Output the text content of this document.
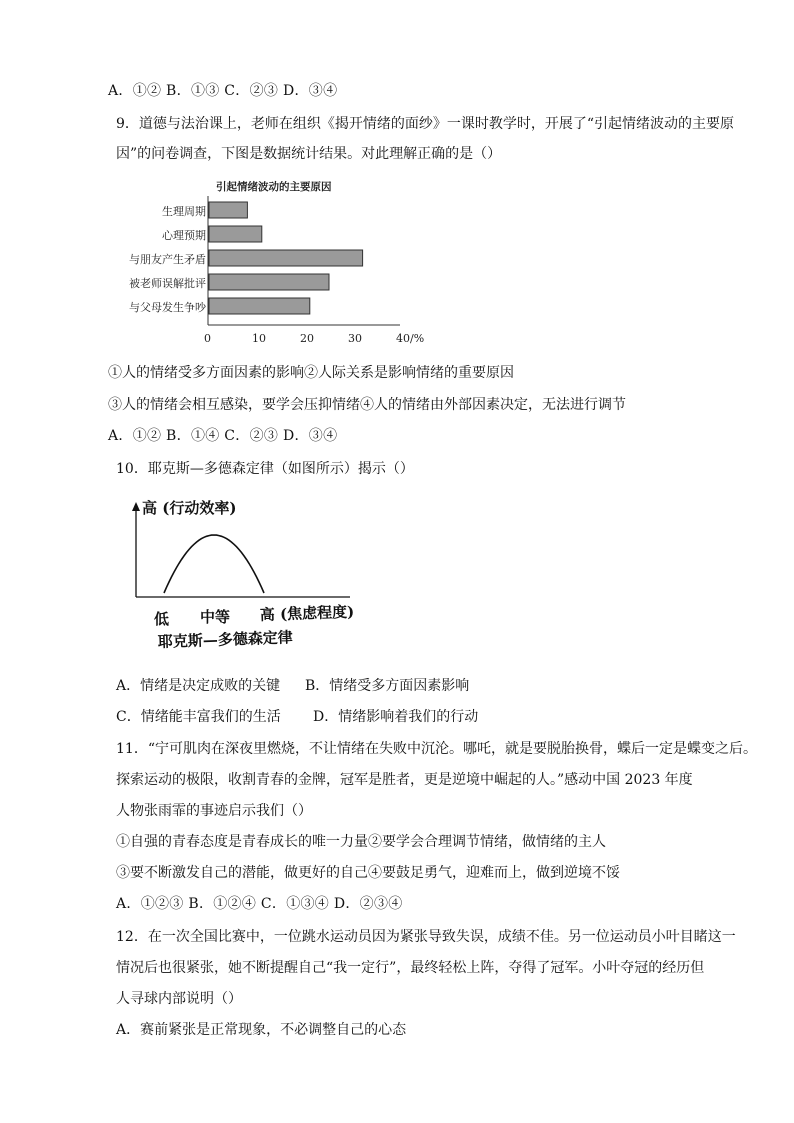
A．①② B．①③ C．②③ D．③④
9．道德与法治课上，老师在组织《揭开情绪的面纱》一课时教学时，开展了“引起情绪波动的主要原
因”的问卷调查，下图是数据统计结果。对此理解正确的是（）
引起情绪波动的主要原因
生理周期
心理预期
与朋友产生矛盾
被老师误解批评
与父母发生争吵
0	10	20	30	40/%
①人的情绪受多方面因素的影响②人际关系是影响情绪的重要原因
③人的情绪会相互感染，要学会压抑情绪④人的情绪由外部因素决定，无法进行调节
A．①② B．①④ C．②③ D．③④
10．耶克斯—多德森定律（如图所示）揭示（）
高 (行动效率)
低 中等 高 (焦虑程度)
耶克斯—多德森定律
A．情绪是决定成败的关键 B．情绪受多方面因素影响
C．情绪能丰富我们的生活 D．情绪影响着我们的行动
11．“宁可肌肉在深夜里燃烧，不让情绪在失败中沉沦。哪吒，就是要脱胎换骨，蝶后一定是蝶变之后。
探索运动的极限，收割青春的金牌，冠军是胜者，更是逆境中崛起的人。”感动中国 2023 年度
人物张雨霏的事迹启示我们（）
①自强的青春态度是青春成长的唯一力量②要学会合理调节情绪，做情绪的主人
③要不断激发自己的潜能，做更好的自己④要鼓足勇气，迎难而上，做到逆境不馁
A．①②③ B．①②④ C．①③④ D．②③④
12．在一次全国比赛中，一位跳水运动员因为紧张导致失误，成绩不佳。另一位运动员小叶目睹这一
情况后也很紧张，她不断提醒自己“我一定行”，最终轻松上阵，夺得了冠军。小叶夺冠的经历但
人寻球内部说明（）
A．赛前紧张是正常现象，不必调整自己的心态
